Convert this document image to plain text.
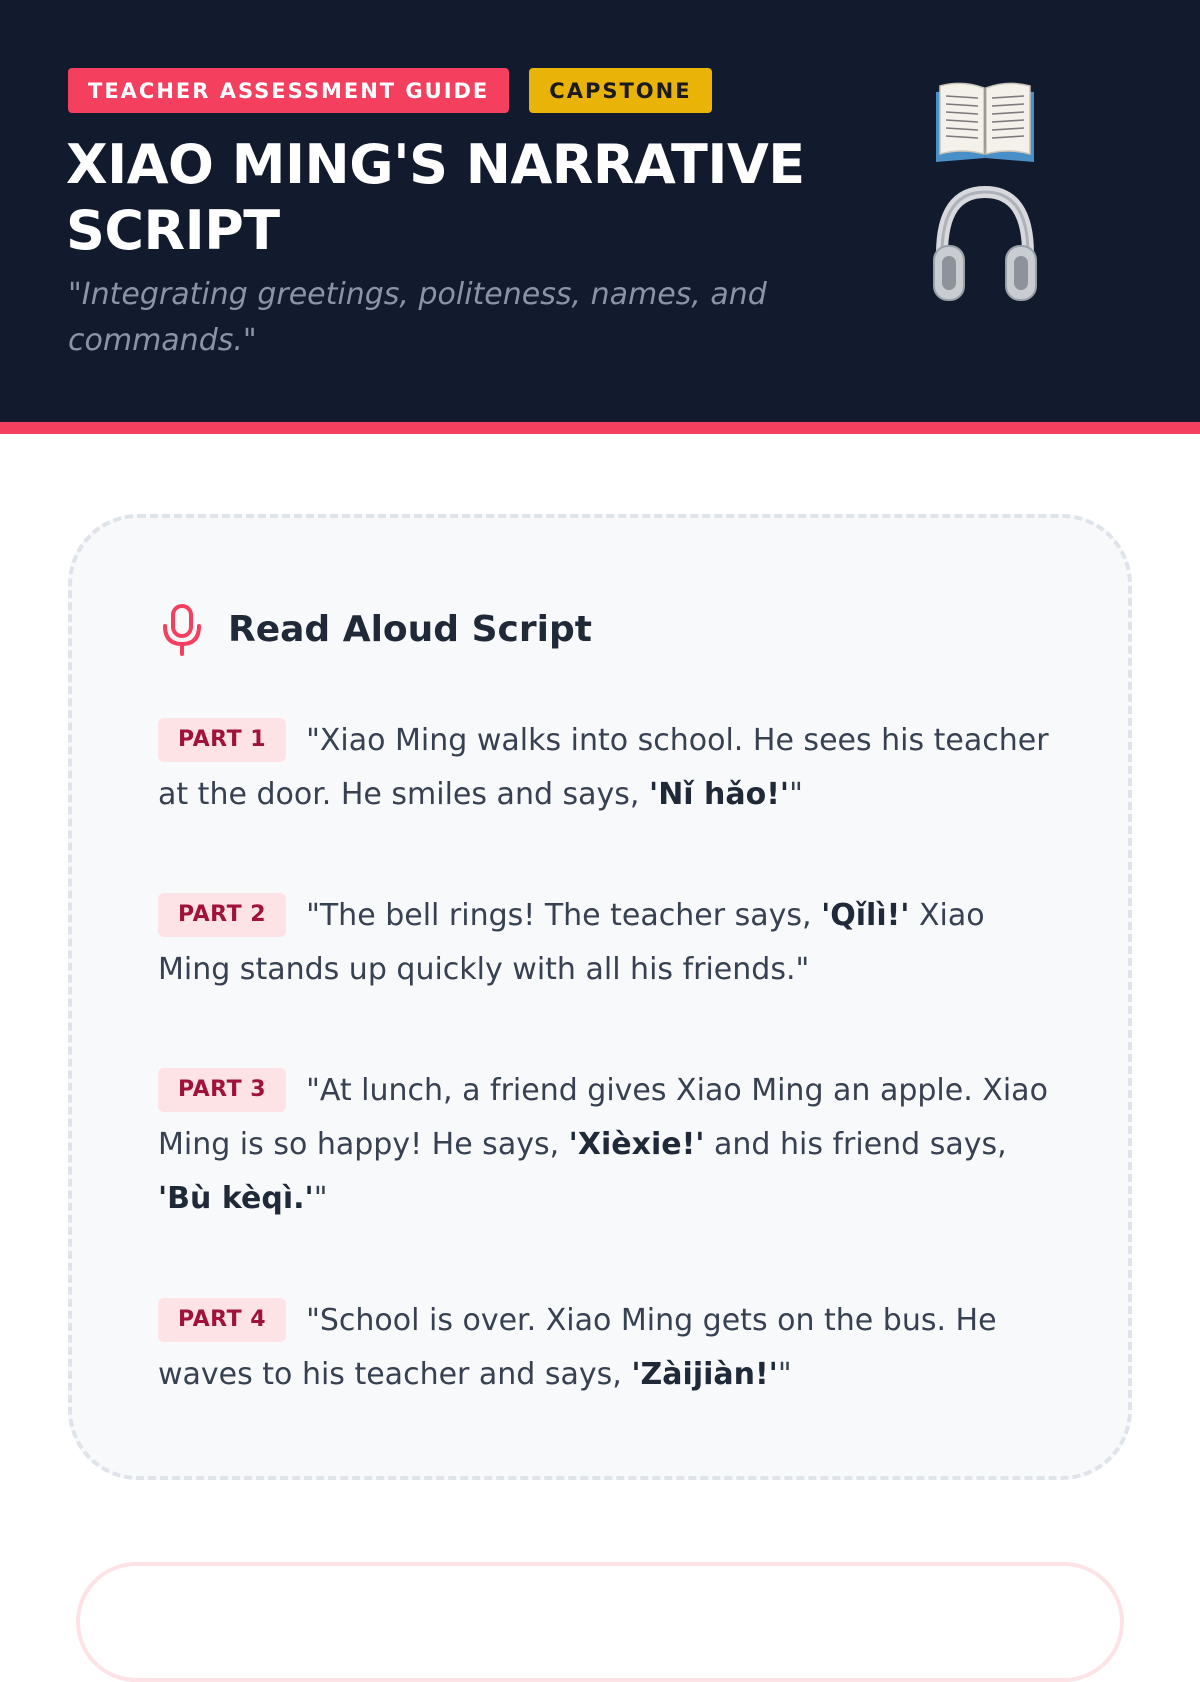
TEACHER ASSESSMENT GUIDE	CAPSTONE
XIAO MING'S NARRATIVE SCRIPT

"Integrating greetings, politeness, names, and commands."

Read Aloud Script

PART 1 "Xiao Ming walks into school. He sees his teacher at the door. He smiles and says, 'Nǐ hǎo!'"

PART 2 "The bell rings! The teacher says, 'Qǐlì!' Xiao Ming stands up quickly with all his friends."

PART 3 "At lunch, a friend gives Xiao Ming an apple. Xiao Ming is so happy! He says, 'Xièxie!' and his friend says, 'Bù kèqì.'"

PART 4 "School is over. Xiao Ming gets on the bus. He waves to his teacher and says, 'Zàijiàn!'"
